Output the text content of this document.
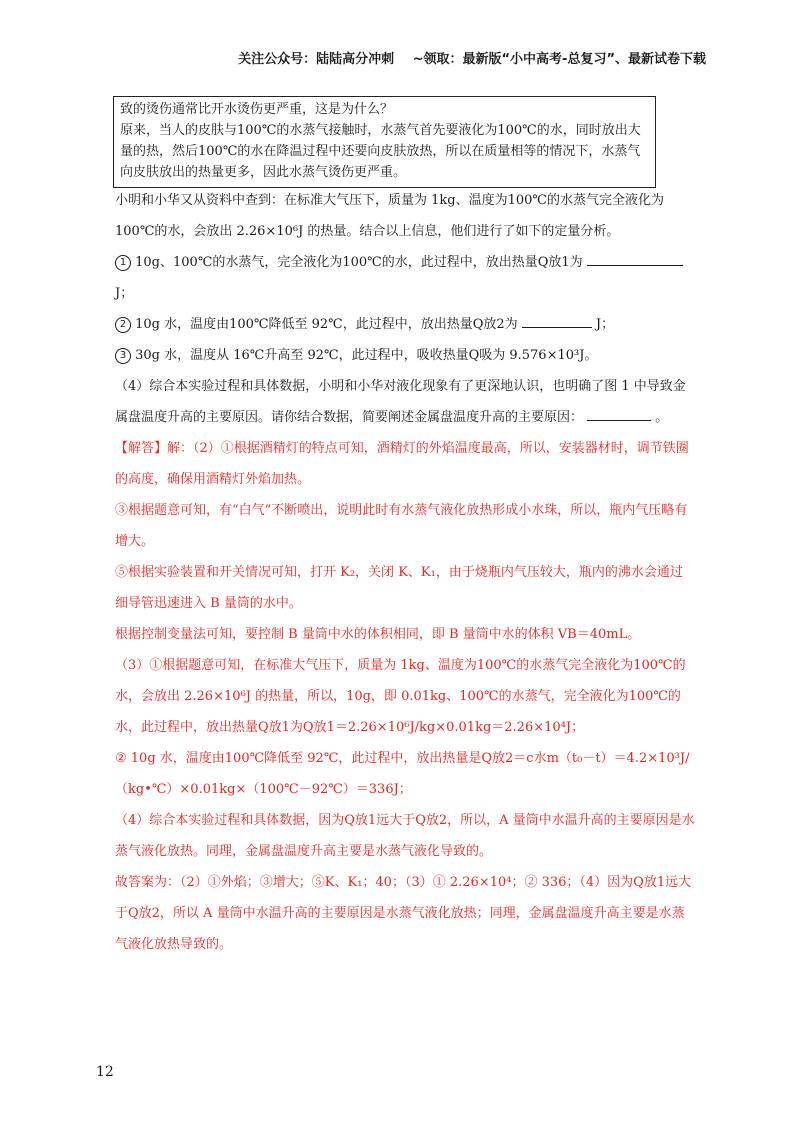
关注公众号：陆陆高分冲刺 ~领取：最新版“小中高考-总复习”、最新试卷下载

致的烫伤通常比开水烫伤更严重，这是为什么？

原来，当人的皮肤与100℃的水蒸气接触时，水蒸气首先要液化为100℃的水，同时放出大量的热，然后100℃的水在降温过程中还要向皮肤放热，所以在质量相等的情况下，水蒸气向皮肤放出的热量更多，因此水蒸气烫伤更严重。

小明和小华又从资料中查到：在标准大气压下，质量为 1kg、温度为100℃的水蒸气完全液化为100℃的水，会放出 2.26×10⁶J 的热量。结合以上信息，他们进行了如下的定量分析。

1 10g、100℃的水蒸气，完全液化为100℃的水，此过程中，放出热量Q放1为  J；

2 10g 水，温度由100℃降低至 92℃，此过程中，放出热量Q放2为	J；

3 30g 水，温度从 16℃升高至 92℃，此过程中，吸收热量Q吸为 9.576×10³J。

（4）综合本实验过程和具体数据，小明和小华对液化现象有了更深地认识，也明确了图 1 中导致金属盘温度升高的主要原因。请你结合数据，简要阐述金属盘温度升高的主要原因：	。

【解答】解：（2）①根据酒精灯的特点可知，酒精灯的外焰温度最高，所以，安装器材时，调节铁圈的高度，确保用酒精灯外焰加热。

③根据题意可知，有“白气”不断喷出，说明此时有水蒸气液化放热形成小水珠，所以，瓶内气压略有增大。

⑤根据实验装置和开关情况可知，打开 K₂，关闭 K、K₁，由于烧瓶内气压较大，瓶内的沸水会通过细导管迅速进入 B 量筒的水中。

根据控制变量法可知，要控制 B 量筒中水的体积相同，即 B 量筒中水的体积 VB＝40mL。

（3）①根据题意可知，在标准大气压下，质量为 1kg、温度为100℃的水蒸气完全液化为100℃的水，会放出 2.26×10⁶J 的热量，所以，10g，即 0.01kg、100℃的水蒸气，完全液化为100℃的水，此过程中，放出热量Q放1为Q放1＝2.26×10⁶J/kg×0.01kg＝2.26×10⁴J；

② 10g 水，温度由100℃降低至 92℃，此过程中，放出热量是Q放2＝c水m（t₀－t）＝4.2×10³J/（kg•℃）×0.01kg×（100℃－92℃）＝336J；

（4）综合本实验过程和具体数据，因为Q放1远大于Q放2，所以，A 量筒中水温升高的主要原因是水蒸气液化放热。同理，金属盘温度升高主要是水蒸气液化导致的。

故答案为：（2）①外焰；③增大；⑤K、K₁；40；（3）① 2.26×10⁴；② 336；（4）因为Q放1远大于Q放2，所以 A 量筒中水温升高的主要原因是水蒸气液化放热；同理，金属盘温度升高主要是水蒸气液化放热导致的。

12
